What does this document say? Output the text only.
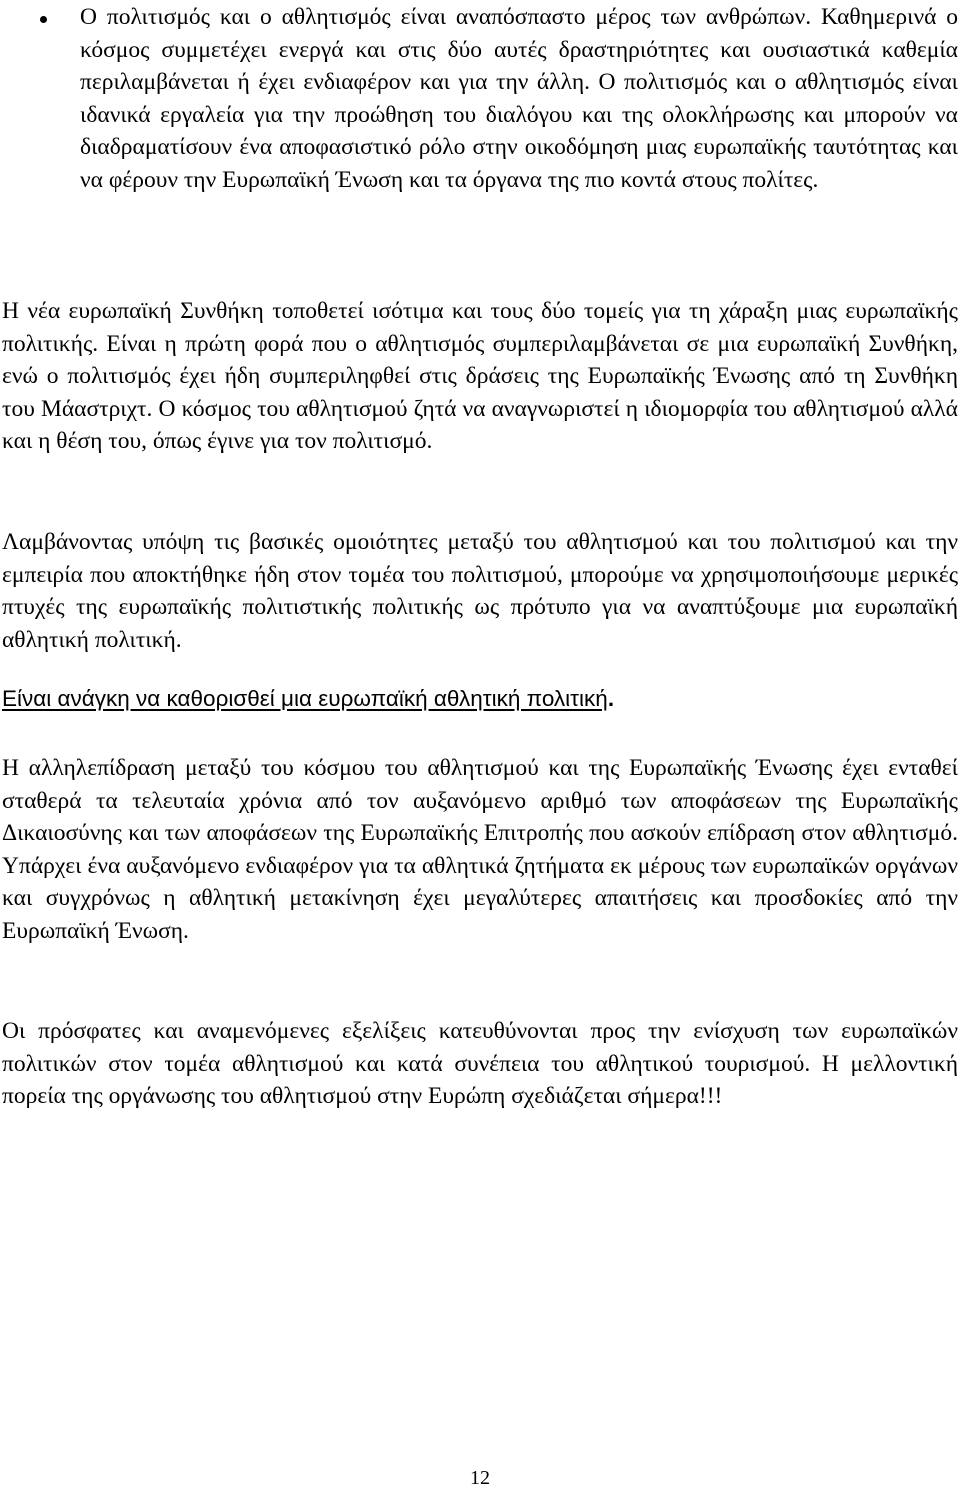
Ο πολιτισμός και ο αθλητισμός είναι αναπόσπαστο μέρος των ανθρώπων. Καθημερινά ο κόσμος συμμετέχει ενεργά και στις δύο αυτές δραστηριότητες και ουσιαστικά καθεμία περιλαμβάνεται ή έχει ενδιαφέρον και για την άλλη. Ο πολιτισμός και ο αθλητισμός είναι ιδανικά εργαλεία για την προώθηση του διαλόγου και της ολοκλήρωσης και μπορούν να διαδραματίσουν ένα αποφασιστικό ρόλο στην οικοδόμηση μιας ευρωπαϊκής ταυτότητας και να φέρουν την Ευρωπαϊκή Ένωση και τα όργανα της πιο κοντά στους πολίτες.

Η νέα ευρωπαϊκή Συνθήκη τοποθετεί ισότιμα και τους δύο τομείς για τη χάραξη μιας ευρωπαϊκής πολιτικής. Είναι η πρώτη φορά που ο αθλητισμός συμπεριλαμβάνεται σε μια ευρωπαϊκή Συνθήκη, ενώ ο πολιτισμός έχει ήδη συμπεριληφθεί στις δράσεις της Ευρωπαϊκής Ένωσης από τη Συνθήκη του Μάαστριχτ. Ο κόσμος του αθλητισμού ζητά να αναγνωριστεί η ιδιομορφία του αθλητισμού αλλά και η θέση του, όπως έγινε για τον πολιτισμό.

Λαμβάνοντας υπόψη τις βασικές ομοιότητες μεταξύ του αθλητισμού και του πολιτισμού και την εμπειρία που αποκτήθηκε ήδη στον τομέα του πολιτισμού, μπορούμε να χρησιμοποιήσουμε μερικές πτυχές της ευρωπαϊκής πολιτιστικής πολιτικής ως πρότυπο για να αναπτύξουμε μια ευρωπαϊκή αθλητική πολιτική.

Είναι ανάγκη να καθορισθεί μια ευρωπαϊκή αθλητική πολιτική.

Η αλληλεπίδραση μεταξύ του κόσμου του αθλητισμού και της Ευρωπαϊκής Ένωσης έχει ενταθεί σταθερά τα τελευταία χρόνια από τον αυξανόμενο αριθμό των αποφάσεων της Ευρωπαϊκής Δικαιοσύνης και των αποφάσεων της Ευρωπαϊκής Επιτροπής που ασκούν επίδραση στον αθλητισμό. Υπάρχει ένα αυξανόμενο ενδιαφέρον για τα αθλητικά ζητήματα εκ μέρους των ευρωπαϊκών οργάνων και συγχρόνως η αθλητική μετακίνηση έχει μεγαλύτερες απαιτήσεις και προσδοκίες από την Ευρωπαϊκή Ένωση.

Οι πρόσφατες και αναμενόμενες εξελίξεις κατευθύνονται προς την ενίσχυση των ευρωπαϊκών πολιτικών στον τομέα αθλητισμού και κατά συνέπεια του αθλητικού τουρισμού. Η μελλοντική πορεία της οργάνωσης του αθλητισμού στην Ευρώπη σχεδιάζεται σήμερα!!!

12
